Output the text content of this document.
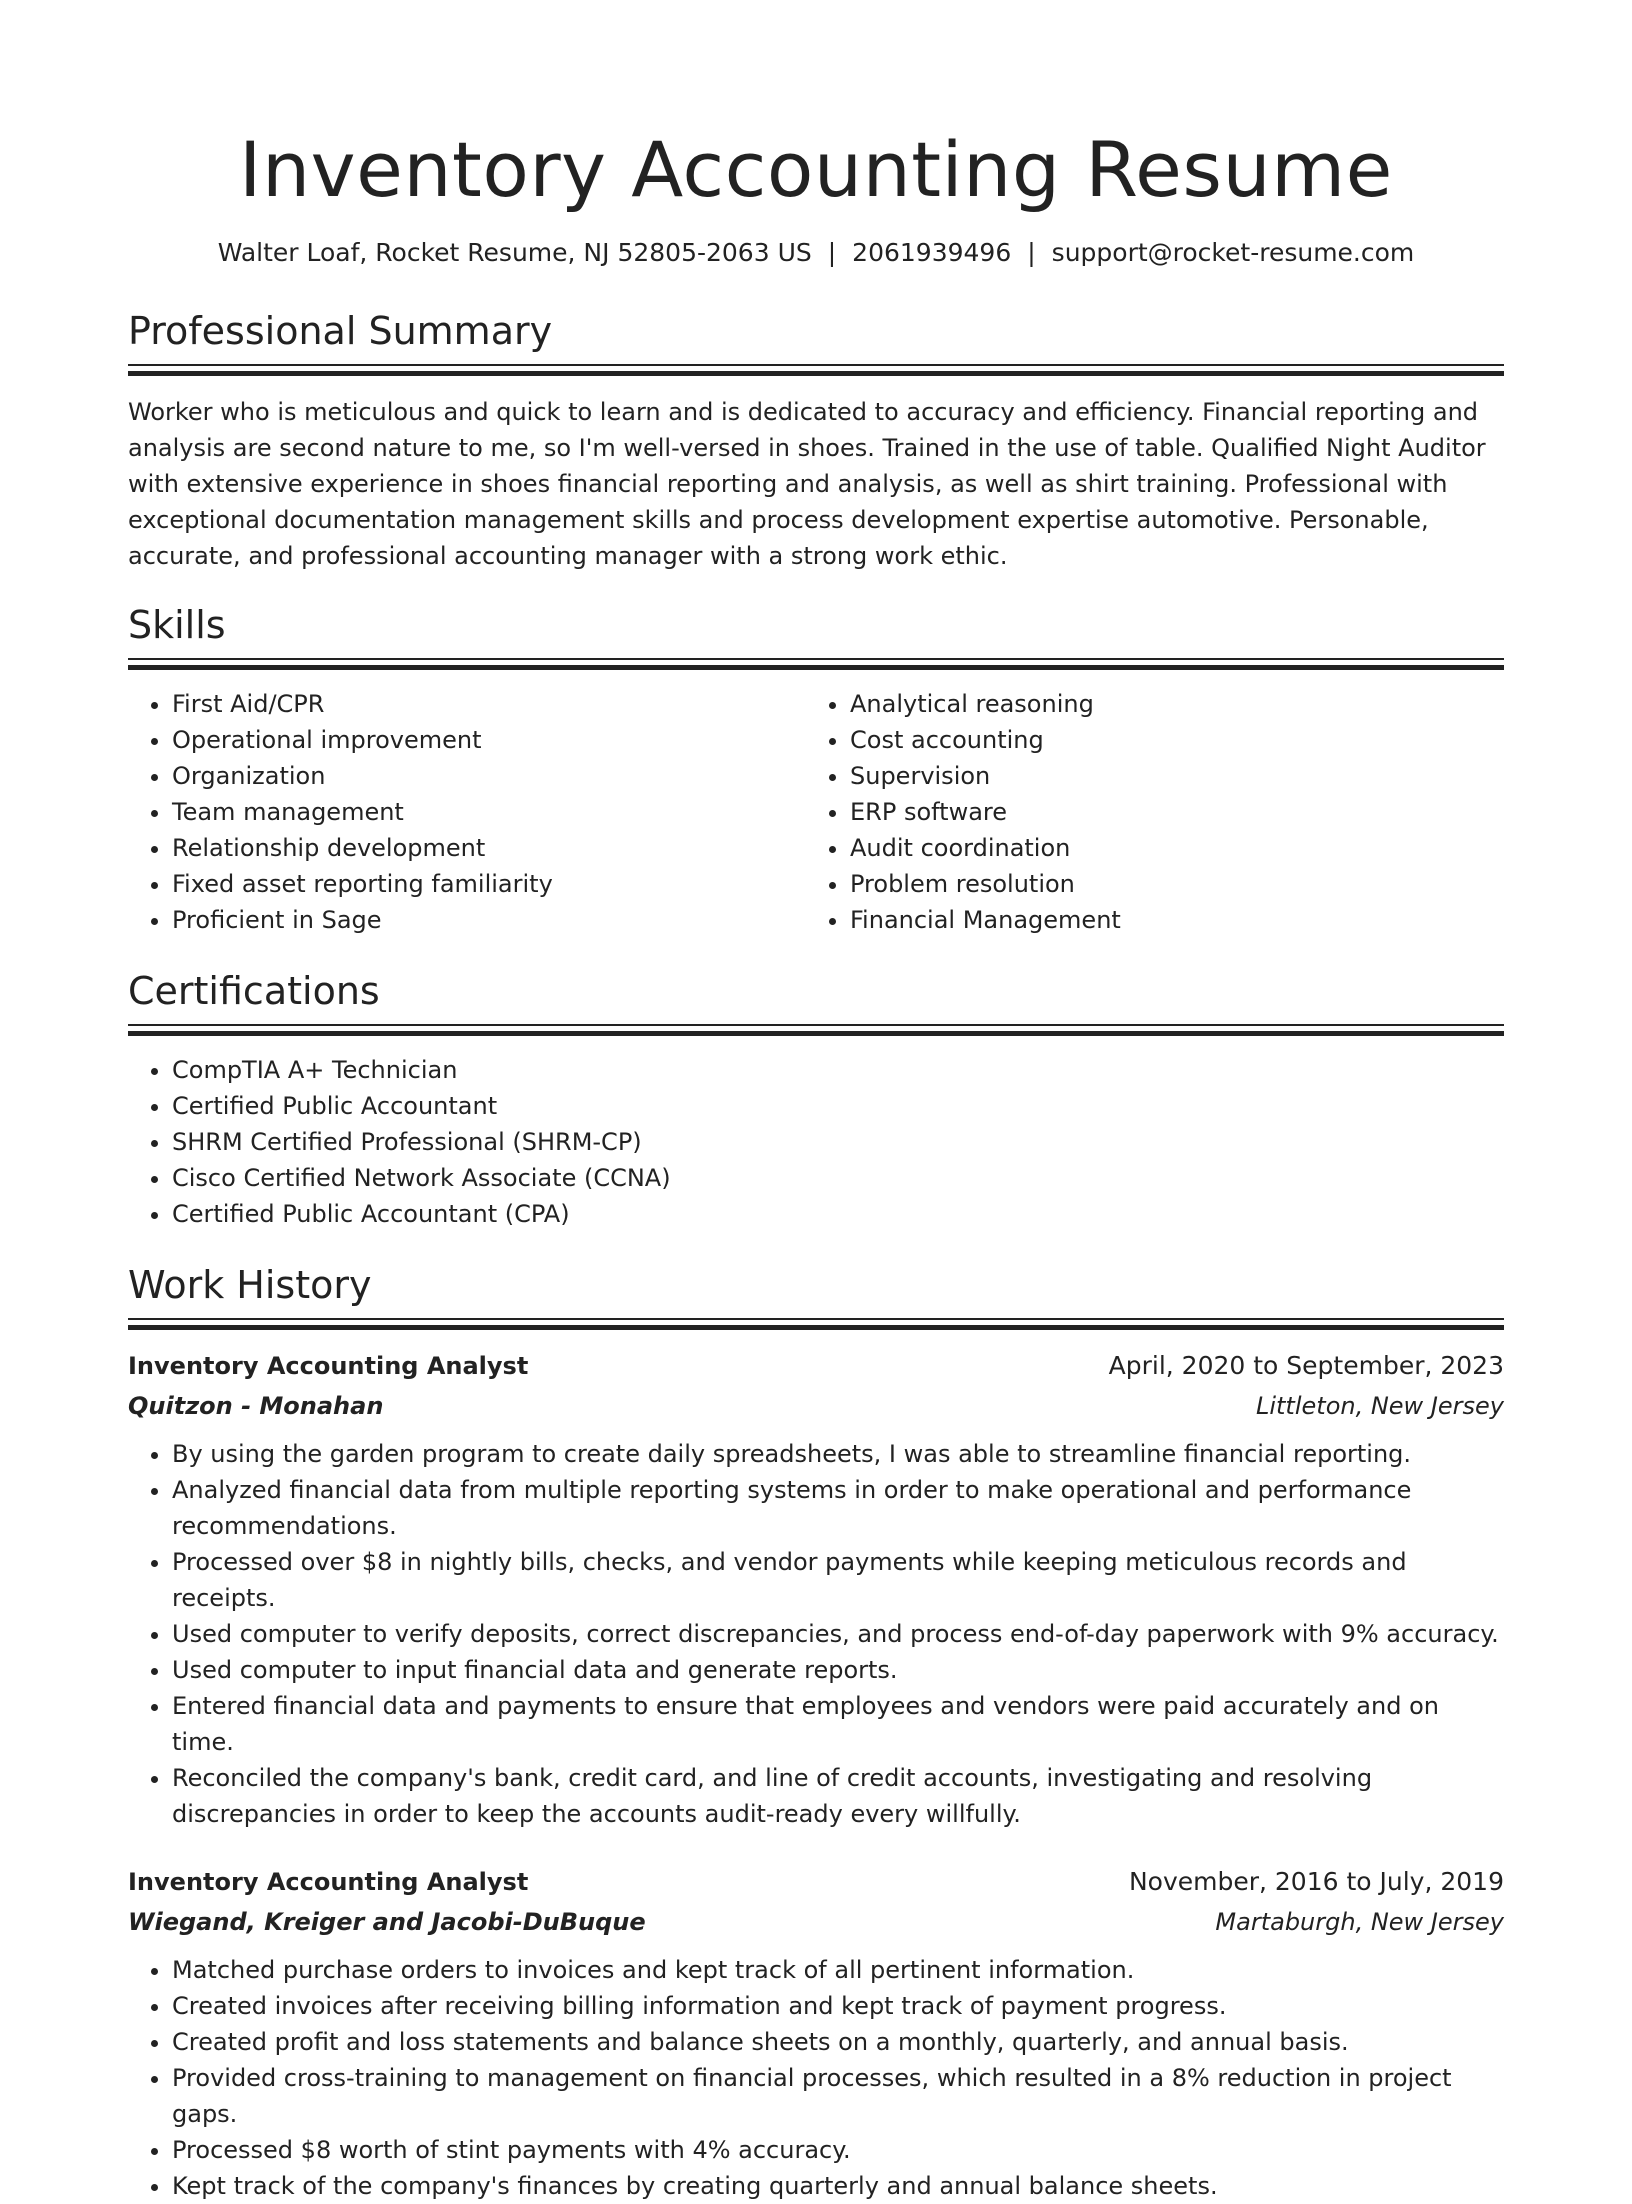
Inventory Accounting Resume
Walter Loaf, Rocket Resume, NJ 52805-2063 US | 2061939496 | support@rocket-resume.com
Professional Summary

Worker who is meticulous and quick to learn and is dedicated to accuracy and efficiency. Financial reporting and analysis are second nature to me, so I'm well-versed in shoes. Trained in the use of table. Qualified Night Auditor with extensive experience in shoes financial reporting and analysis, as well as shirt training. Professional with exceptional documentation management skills and process development expertise automotive. Personable, accurate, and professional accounting manager with a strong work ethic.

Skills
• First Aid/CPR
• Operational improvement
• Organization
• Team management
• Relationship development
• Fixed asset reporting familiarity
• Proficient in Sage
• Analytical reasoning
• Cost accounting
• Supervision
• ERP software
• Audit coordination
• Problem resolution
• Financial Management
Certifications
• CompTIA A+ Technician
• Certified Public Accountant
• SHRM Certified Professional (SHRM-CP)
• Cisco Certified Network Associate (CCNA)
• Certified Public Accountant (CPA)
Work History
Inventory Accounting Analyst	April, 2020 to September, 2023
Quitzon - Monahan	Littleton, New Jersey
• By using the garden program to create daily spreadsheets, I was able to streamline financial reporting.
• Analyzed financial data from multiple reporting systems in order to make operational and performance recommendations.
• Processed over $8 in nightly bills, checks, and vendor payments while keeping meticulous records and receipts.
• Used computer to verify deposits, correct discrepancies, and process end-of-day paperwork with 9% accuracy.
• Used computer to input financial data and generate reports.
• Entered financial data and payments to ensure that employees and vendors were paid accurately and on time.
• Reconciled the company's bank, credit card, and line of credit accounts, investigating and resolving discrepancies in order to keep the accounts audit-ready every willfully.
Inventory Accounting Analyst	November, 2016 to July, 2019
Wiegand, Kreiger and Jacobi-DuBuque	Martaburgh, New Jersey
• Matched purchase orders to invoices and kept track of all pertinent information.
• Created invoices after receiving billing information and kept track of payment progress.
• Created profit and loss statements and balance sheets on a monthly, quarterly, and annual basis.
• Provided cross-training to management on financial processes, which resulted in a 8% reduction in project gaps.
• Processed $8 worth of stint payments with 4% accuracy.
• Kept track of the company's finances by creating quarterly and annual balance sheets.
